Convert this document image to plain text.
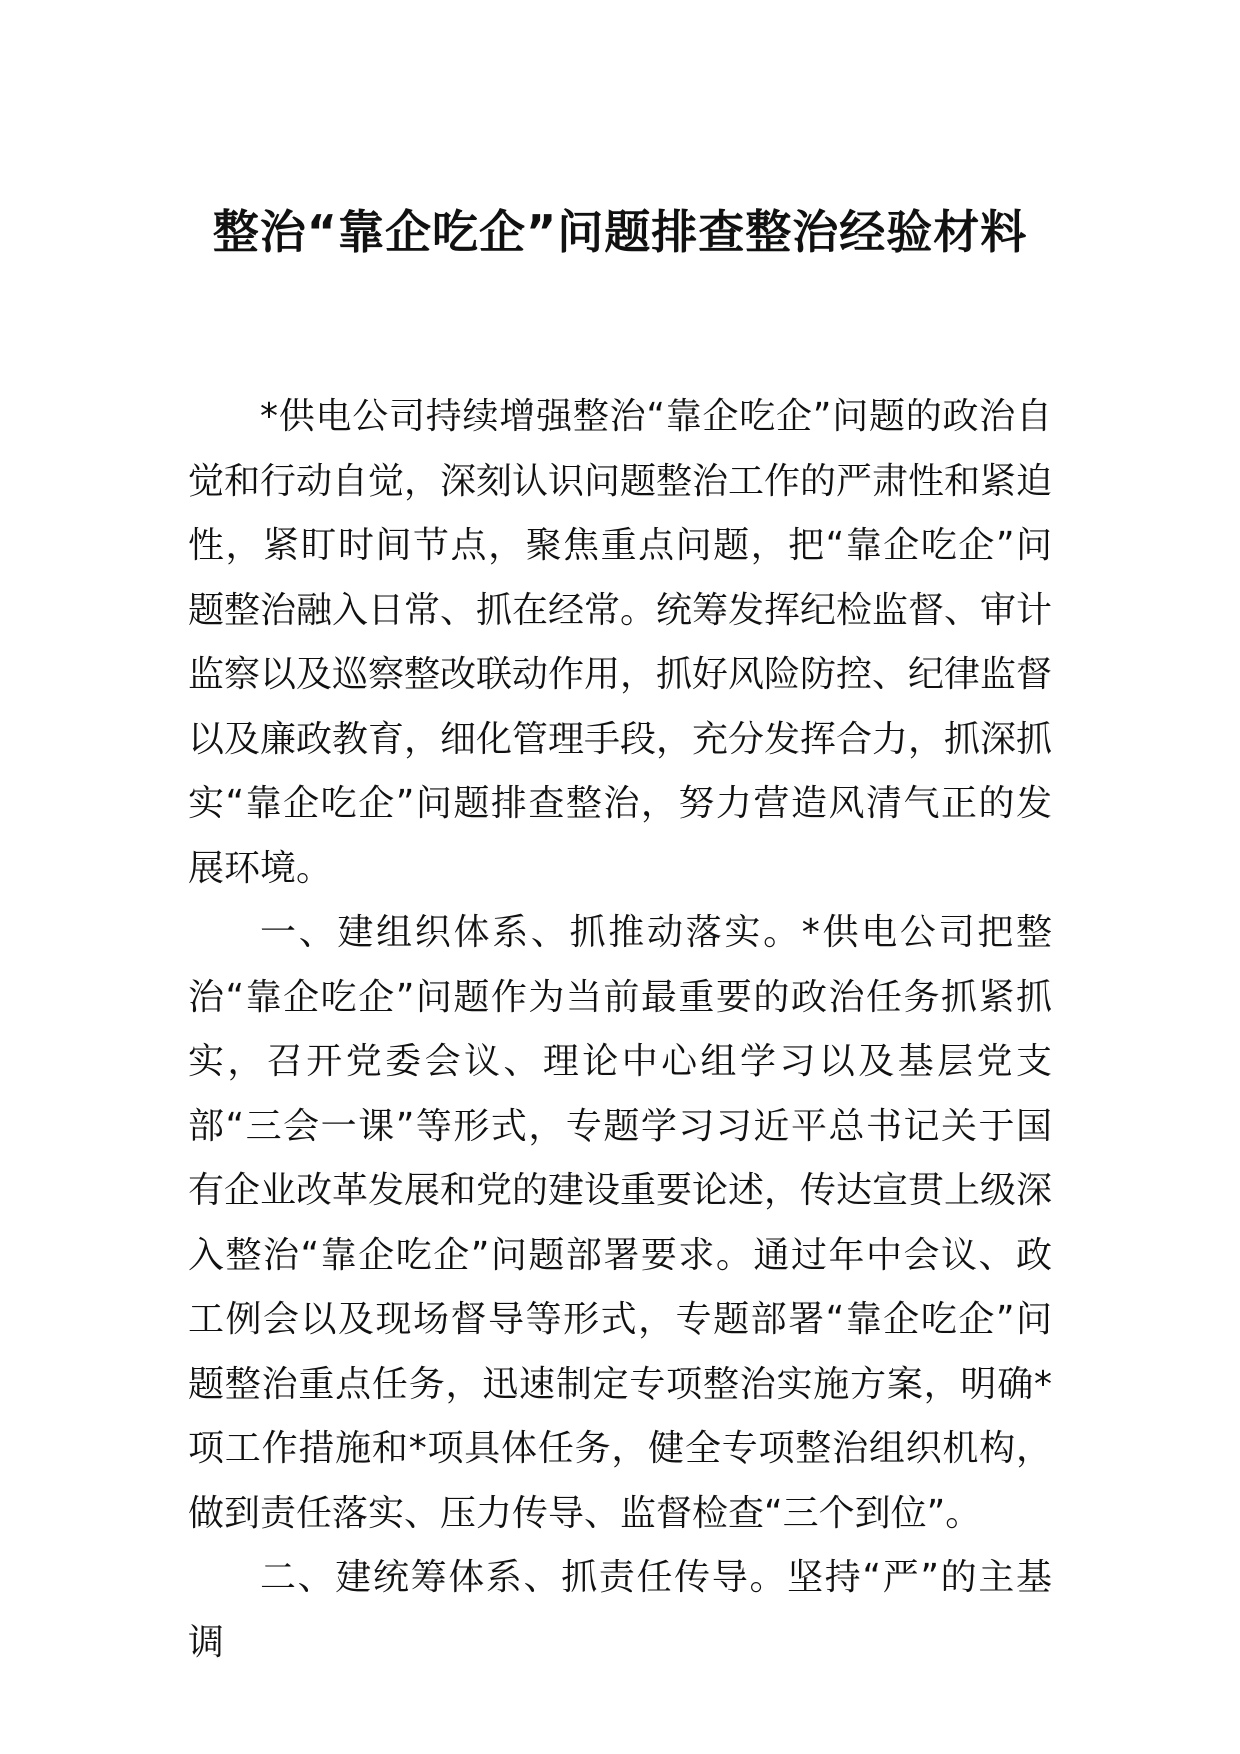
整治“靠企吃企”问题排查整治经验材料

*供电公司持续增强整治“靠企吃企”问题的政治自觉和行动自觉，深刻认识问题整治工作的严肃性和紧迫性，紧盯时间节点，聚焦重点问题，把“靠企吃企”问题整治融入日常、抓在经常。统筹发挥纪检监督、审计监察以及巡察整改联动作用，抓好风险防控、纪律监督以及廉政教育，细化管理手段，充分发挥合力，抓深抓实“靠企吃企”问题排查整治，努力营造风清气正的发展环境。

一、建组织体系、抓推动落实。*供电公司把整治“靠企吃企”问题作为当前最重要的政治任务抓紧抓实，召开党委会议、理论中心组学习以及基层党支部“三会一课”等形式，专题学习习近平总书记关于国有企业改革发展和党的建设重要论述，传达宣贯上级深入整治“靠企吃企”问题部署要求。通过年中会议、政工例会以及现场督导等形式，专题部署“靠企吃企”问题整治重点任务，迅速制定专项整治实施方案，明确*项工作措施和*项具体任务，健全专项整治组织机构，做到责任落实、压力传导、监督检查“三个到位”。

二、建统筹体系、抓责任传导。坚持“严”的主基调
